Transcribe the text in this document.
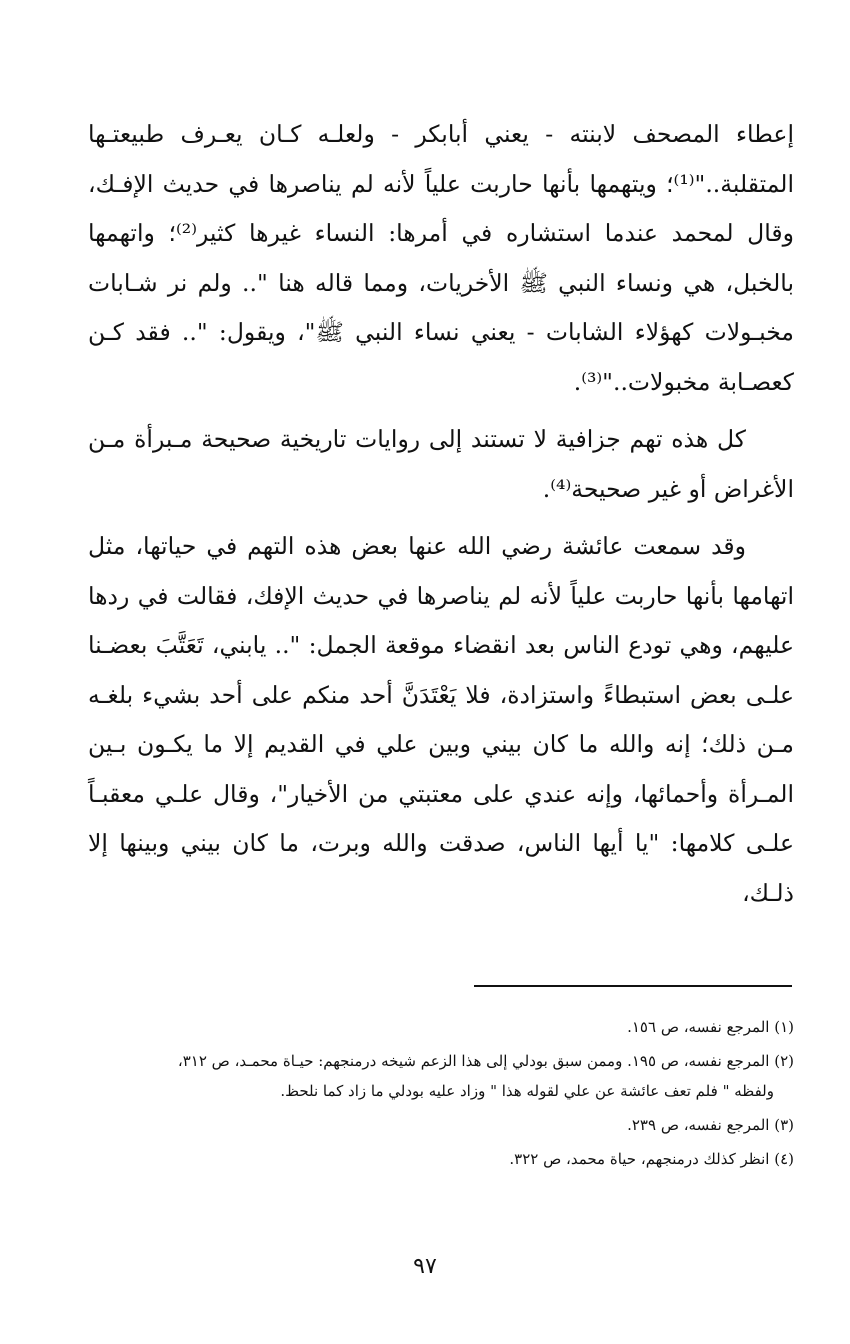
إعطاء المصحف لابنته - يعني أبابكر - ولعلـه كـان يعـرف طبيعتـها المتقلبة.."⁽¹⁾؛ ويتهمها بأنها حاربت علياً لأنه لم يناصرها في حديث الإفـك، وقال لمحمد عندما استشاره في أمرها: النساء غيرها كثير⁽²⁾؛ واتهمها بالخبل، هي ونساء النبي ﷺ الأخريات، ومما قاله هنا ".. ولم نر شـابات مخبـولات كهؤلاء الشابات - يعني نساء النبي ﷺ"، ويقول: ".. فقد كـن كعصـابة مخبولات.."⁽³⁾.

كل هذه تهم جزافية لا تستند إلى روايات تاريخية صحيحة مـبرأة مـن الأغراض أو غير صحيحة⁽⁴⁾.

وقد سمعت عائشة رضي الله عنها بعض هذه التهم في حياتها، مثل اتهامها بأنها حاربت علياً لأنه لم يناصرها في حديث الإفك، فقالت في ردها عليهم، وهي تودع الناس بعد انقضاء موقعة الجمل: ".. يابني، تَعَتَّبَ بعضـنا علـى بعض استبطاءً واستزادة، فلا يَعْتَدَنَّ أحد منكم على أحد بشيء بلغـه مـن ذلك؛ إنه والله ما كان بيني وبين علي في القديم إلا ما يكـون بـين المـرأة وأحمائها، وإنه عندي على معتبتي من الأخيار"، وقال علـي معقبـاً علـى كلامها: "يا أيها الناس، صدقت والله وبرت، ما كان بيني وبينها إلا ذلـك،

(١) المرجع نفسه، ص ١٥٦.

(٢) المرجع نفسه، ص ١٩٥. وممن سبق بودلي إلى هذا الزعم شيخه درمنجهم: حيـاة محمـد، ص ٣١٢،

ولفظه " فلم تعف عائشة عن علي لقوله هذا " وزاد عليه بودلي ما زاد كما نلحظ.

(٣) المرجع نفسه، ص ٢٣٩.

(٤) انظر كذلك درمنجهم، حياة محمد، ص ٣٢٢.

٩٧
